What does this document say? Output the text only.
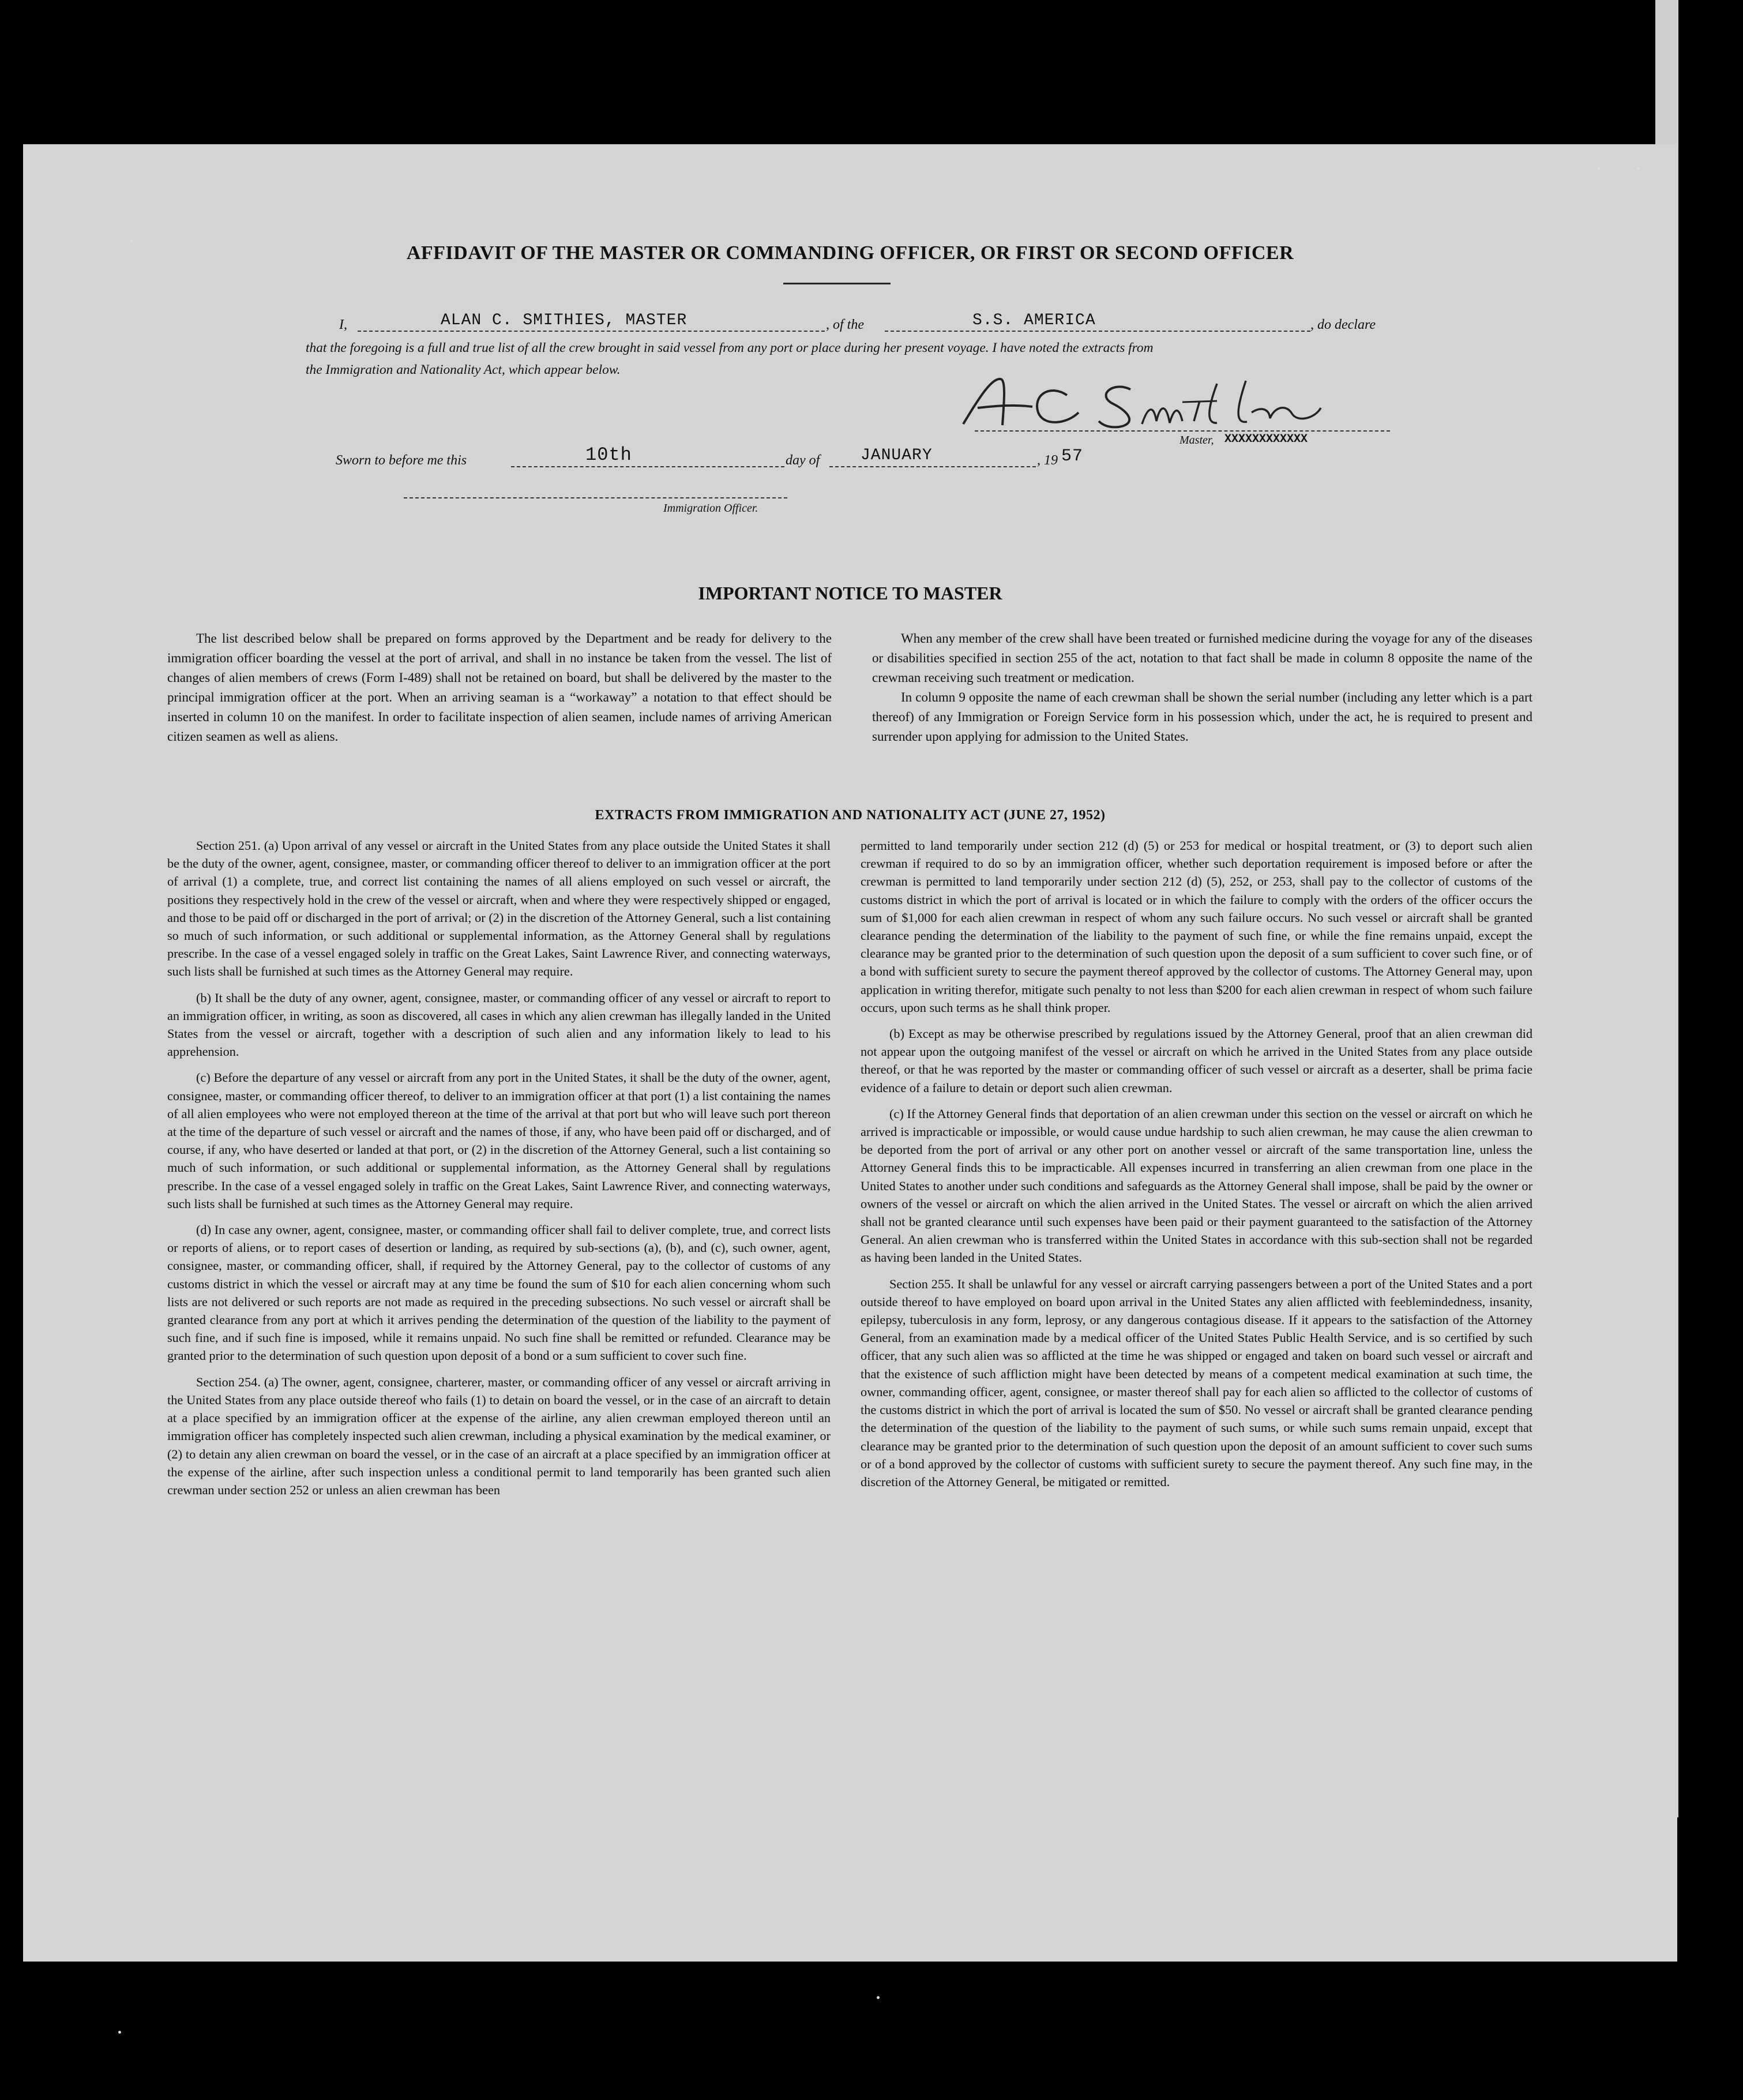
AFFIDAVIT OF THE MASTER OR COMMANDING OFFICER, OR FIRST OR SECOND OFFICER
I,	ALAN C. SMITHIES, MASTER	, of the	S.S. AMERICA	, do declare
that the foregoing is a full and true list of all the crew brought in said vessel from any port or place during her present voyage. I have noted the extracts from
the Immigration and Nationality Act, which appear below.
Master, XXXXXXXXXXXX
Sworn to before me this	10th	day of	JANUARY	, 19 57
Immigration Officer.
IMPORTANT NOTICE TO MASTER

The list described below shall be prepared on forms approved by the Department and be ready for delivery to the immigration officer boarding the vessel at the port of arrival, and shall in no instance be taken from the vessel. The list of changes of alien members of crews (Form I-489) shall not be retained on board, but shall be delivered by the master to the principal immigration officer at the port. When an arriving seaman is a “workaway” a notation to that effect should be inserted in column 10 on the manifest. In order to facilitate inspection of alien seamen, include names of arriving American citizen seamen as well as aliens.

When any member of the crew shall have been treated or furnished medicine during the voyage for any of the diseases or disabilities specified in section 255 of the act, notation to that fact shall be made in column 8 opposite the name of the crewman receiving such treatment or medication.

In column 9 opposite the name of each crewman shall be shown the serial number (including any letter which is a part thereof) of any Immigration or Foreign Service form in his possession which, under the act, he is required to present and surrender upon applying for admission to the United States.

EXTRACTS FROM IMMIGRATION AND NATIONALITY ACT (JUNE 27, 1952)

Section 251. (a) Upon arrival of any vessel or aircraft in the United States from any place outside the United States it shall be the duty of the owner, agent, consignee, master, or commanding officer thereof to deliver to an immigration officer at the port of arrival (1) a complete, true, and correct list containing the names of all aliens employed on such vessel or aircraft, the positions they respectively hold in the crew of the vessel or aircraft, when and where they were respectively shipped or engaged, and those to be paid off or discharged in the port of arrival; or (2) in the discretion of the Attorney General, such a list containing so much of such information, or such additional or supplemental information, as the Attorney General shall by regulations prescribe. In the case of a vessel engaged solely in traffic on the Great Lakes, Saint Lawrence River, and connecting waterways, such lists shall be furnished at such times as the Attorney General may require.

(b) It shall be the duty of any owner, agent, consignee, master, or commanding officer of any vessel or aircraft to report to an immigration officer, in writing, as soon as discovered, all cases in which any alien crewman has illegally landed in the United States from the vessel or aircraft, together with a description of such alien and any information likely to lead to his apprehension.

(c) Before the departure of any vessel or aircraft from any port in the United States, it shall be the duty of the owner, agent, consignee, master, or commanding officer thereof, to deliver to an immigration officer at that port (1) a list containing the names of all alien employees who were not employed thereon at the time of the arrival at that port but who will leave such port thereon at the time of the departure of such vessel or aircraft and the names of those, if any, who have been paid off or discharged, and of course, if any, who have deserted or landed at that port, or (2) in the discretion of the Attorney General, such a list containing so much of such information, or such additional or supplemental information, as the Attorney General shall by regulations prescribe. In the case of a vessel engaged solely in traffic on the Great Lakes, Saint Lawrence River, and connecting waterways, such lists shall be furnished at such times as the Attorney General may require.

(d) In case any owner, agent, consignee, master, or commanding officer shall fail to deliver complete, true, and correct lists or reports of aliens, or to report cases of desertion or landing, as required by sub-sections (a), (b), and (c), such owner, agent, consignee, master, or commanding officer, shall, if required by the Attorney General, pay to the collector of customs of any customs district in which the vessel or aircraft may at any time be found the sum of $10 for each alien concerning whom such lists are not delivered or such reports are not made as required in the preceding subsections. No such vessel or aircraft shall be granted clearance from any port at which it arrives pending the determination of the question of the liability to the payment of such fine, and if such fine is imposed, while it remains unpaid. No such fine shall be remitted or refunded. Clearance may be granted prior to the determination of such question upon deposit of a bond or a sum sufficient to cover such fine.

Section 254. (a) The owner, agent, consignee, charterer, master, or commanding officer of any vessel or aircraft arriving in the United States from any place outside thereof who fails (1) to detain on board the vessel, or in the case of an aircraft to detain at a place specified by an immigration officer at the expense of the airline, any alien crewman employed thereon until an immigration officer has completely inspected such alien crewman, including a physical examination by the medical examiner, or (2) to detain any alien crewman on board the vessel, or in the case of an aircraft at a place specified by an immigration officer at the expense of the airline, after such inspection unless a conditional permit to land temporarily has been granted such alien crewman under section 252 or unless an alien crewman has been

permitted to land temporarily under section 212 (d) (5) or 253 for medical or hospital treatment, or (3) to deport such alien crewman if required to do so by an immigration officer, whether such deportation requirement is imposed before or after the crewman is permitted to land temporarily under section 212 (d) (5), 252, or 253, shall pay to the collector of customs of the customs district in which the port of arrival is located or in which the failure to comply with the orders of the officer occurs the sum of $1,000 for each alien crewman in respect of whom any such failure occurs. No such vessel or aircraft shall be granted clearance pending the determination of the liability to the payment of such fine, or while the fine remains unpaid, except the clearance may be granted prior to the determination of such question upon the deposit of a sum sufficient to cover such fine, or of a bond with sufficient surety to secure the payment thereof approved by the collector of customs. The Attorney General may, upon application in writing therefor, mitigate such penalty to not less than $200 for each alien crewman in respect of whom such failure occurs, upon such terms as he shall think proper.

(b) Except as may be otherwise prescribed by regulations issued by the Attorney General, proof that an alien crewman did not appear upon the outgoing manifest of the vessel or aircraft on which he arrived in the United States from any place outside thereof, or that he was reported by the master or commanding officer of such vessel or aircraft as a deserter, shall be prima facie evidence of a failure to detain or deport such alien crewman.

(c) If the Attorney General finds that deportation of an alien crewman under this section on the vessel or aircraft on which he arrived is impracticable or impossible, or would cause undue hardship to such alien crewman, he may cause the alien crewman to be deported from the port of arrival or any other port on another vessel or aircraft of the same transportation line, unless the Attorney General finds this to be impracticable. All expenses incurred in transferring an alien crewman from one place in the United States to another under such conditions and safeguards as the Attorney General shall impose, shall be paid by the owner or owners of the vessel or aircraft on which the alien arrived in the United States. The vessel or aircraft on which the alien arrived shall not be granted clearance until such expenses have been paid or their payment guaranteed to the satisfaction of the Attorney General. An alien crewman who is transferred within the United States in accordance with this sub-section shall not be regarded as having been landed in the United States.

Section 255. It shall be unlawful for any vessel or aircraft carrying passengers between a port of the United States and a port outside thereof to have employed on board upon arrival in the United States any alien afflicted with feeblemindedness, insanity, epilepsy, tuberculosis in any form, leprosy, or any dangerous contagious disease. If it appears to the satisfaction of the Attorney General, from an examination made by a medical officer of the United States Public Health Service, and is so certified by such officer, that any such alien was so afflicted at the time he was shipped or engaged and taken on board such vessel or aircraft and that the existence of such affliction might have been detected by means of a competent medical examination at such time, the owner, commanding officer, agent, consignee, or master thereof shall pay for each alien so afflicted to the collector of customs of the customs district in which the port of arrival is located the sum of $50. No vessel or aircraft shall be granted clearance pending the determination of the question of the liability to the payment of such sums, or while such sums remain unpaid, except that clearance may be granted prior to the determination of such question upon the deposit of an amount sufficient to cover such sums or of a bond approved by the collector of customs with sufficient surety to secure the payment thereof. Any such fine may, in the discretion of the Attorney General, be mitigated or remitted.
